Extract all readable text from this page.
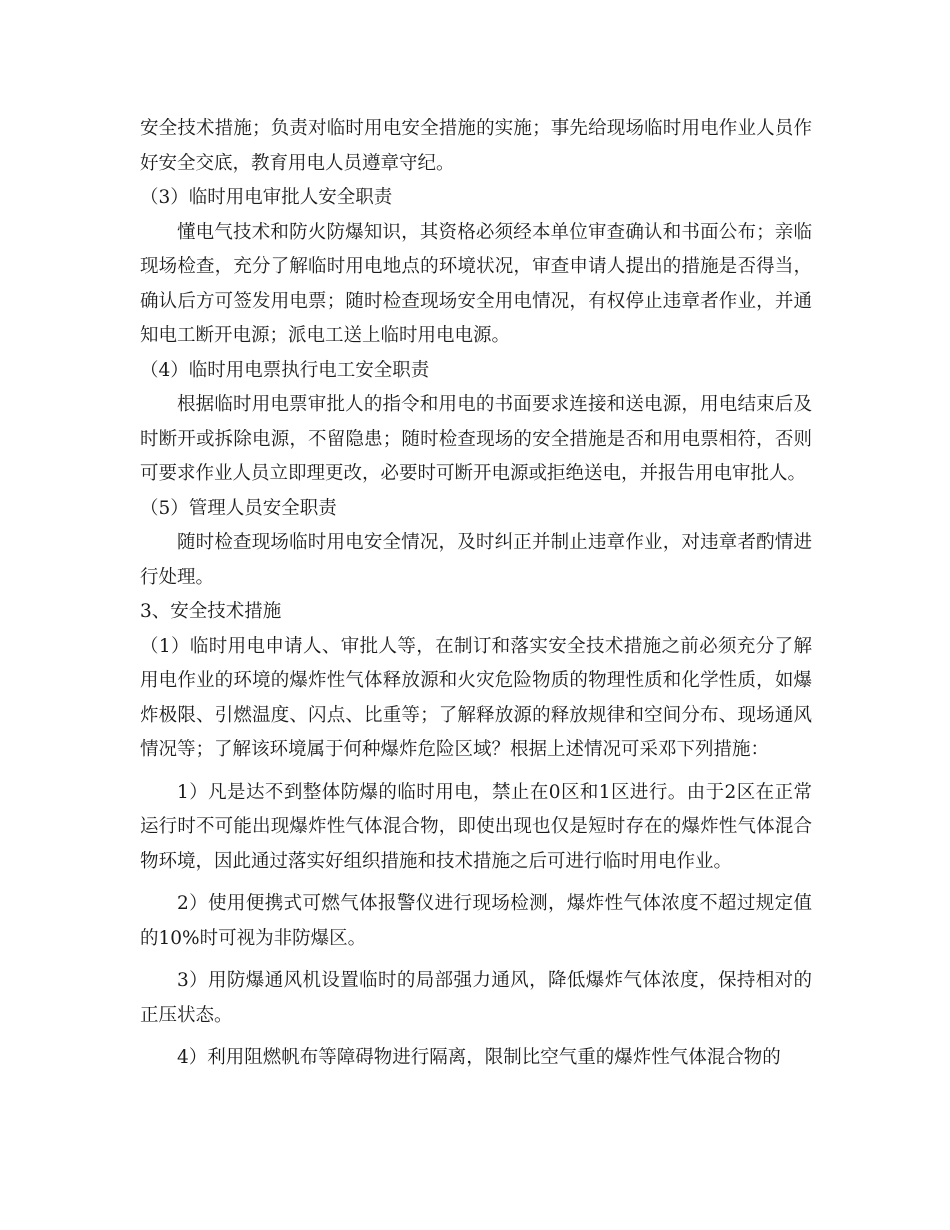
安全技术措施；负责对临时用电安全措施的实施；事先给现场临时用电作业人员作好安全交底，教育用电人员遵章守纪。

（3）临时用电审批人安全职责

懂电气技术和防火防爆知识，其资格必须经本单位审查确认和书面公布；亲临现场检查，充分了解临时用电地点的环境状况，审查申请人提出的措施是否得当，确认后方可签发用电票；随时检查现场安全用电情况，有权停止违章者作业，并通知电工断开电源；派电工送上临时用电电源。

（4）临时用电票执行电工安全职责

根据临时用电票审批人的指令和用电的书面要求连接和送电源，用电结束后及时断开或拆除电源，不留隐患；随时检查现场的安全措施是否和用电票相符，否则可要求作业人员立即理更改，必要时可断开电源或拒绝送电，并报告用电审批人。

（5）管理人员安全职责

随时检查现场临时用电安全情况，及时纠正并制止违章作业，对违章者酌情进行处理。

3、安全技术措施

（1）临时用电申请人、审批人等，在制订和落实安全技术措施之前必须充分了解用电作业的环境的爆炸性气体释放源和火灾危险物质的物理性质和化学性质，如爆炸极限、引燃温度、闪点、比重等；了解释放源的释放规律和空间分布、现场通风情况等；了解该环境属于何种爆炸危险区域？根据上述情况可采邓下列措施：

1）凡是达不到整体防爆的临时用电，禁止在0区和1区进行。由于2区在正常运行时不可能出现爆炸性气体混合物，即使出现也仅是短时存在的爆炸性气体混合物环境，因此通过落实好组织措施和技术措施之后可进行临时用电作业。

2）使用便携式可燃气体报警仪进行现场检测，爆炸性气体浓度不超过规定值的10%时可视为非防爆区。

3）用防爆通风机设置临时的局部强力通风，降低爆炸气体浓度，保持相对的正压状态。

4）利用阻燃帆布等障碍物进行隔离，限制比空气重的爆炸性气体混合物的
